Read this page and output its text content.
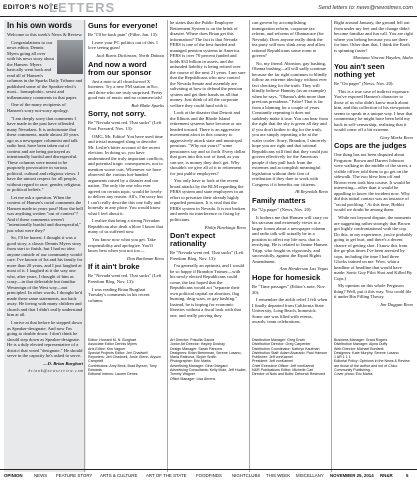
EDITOR'S NOTE
LETTERS	Send letters to: news@newstimes.com
In his own words

Welcome to this week's News & Review.

Congratulations to our news editor, Dennis Myers going all over with his news story about the Hansen. Myers basically went back and read all of Hansen's columns in the Sparks Daily Tribune and published some of the Speaker-elect's most... homophobic, sexist and inflammatory comments in that paper.

One of the many recipients of Hansen's sorry not-sorry apology.

"I am deeply sorry that comments I have made in the past have offended many Nevadans. It is unfortunate that these comments, made almost 20 years ago as a newspaper columnist and talk radio host, have been taken out of context and are being portrayed as intentionally hurtful and disrespectful. These columns were meant to be purposely provocative in various political, cultural and religious views. I have the utmost respect for all people, without regard to race, gender, religious or political beliefs."

Let me ask a question. When the context of Hansen's racial comments the Hansen made in years past? How the hell was anything written "out of context"? And if these comments weren't "intentionally hurtful and disrespectful," just what were they?

So, I'll be honest. I thought it was a good story, a classic Dennis Myers story from start to finish, but I had no idea anyone outside of our community would care. I've known of Ira and his family for more than 20 years, and I just laughed at most of it. I laughed at it the way one who, after years, I thought of him as crazy—in that delectable but familiar Westeoign of the West way—not principled. In other words, I thought he'd made these same statements, not back away. He loving with many children and church and that I didn't really understand him at all.

I arrive at that before he stepped down as Speaker-designate. And now I'm going to double down. I don't think he should step down as Speaker-designate. He is a duly elected representative of a district that voted "designate." He should serve in the capacity he's asked to serve.

—D. Brian Burghart

b r i a n b @ n e w s r e v i e w . c o m

Guns for everyone!

Re "I'll be back pain" (Filler, Jan. 13):

Leave your PC politics out of this. I love seeing guns!

Jack Burns Dickinson, North Dakota

And now a word from our sponsor

Just a note to all churchwood X listeners: Try a new FM station in 8cc, and those who are truly surprised. Pretty good mix of music and no commercials!

Bob Blake Sparks

Sorry, not sorry.

Re "Nevada went red. That sucks" (Left Foot Forward, Nov. 13):

OMG, Mr. Editor! You have used time and trivial managed slang to describe Mr. Leslie's bitter account of the recent election. In doing so, you have undermined the truly important conflicts, and potential tragic consequences, not to mention worse cuts, Whenever we have observed the various hot-handed arguments raised by a disaster and our nation. The only the one who ever agreed on certain topic, would be lovely to deliver any reason. All's. I'm sorry but I can't really describe this one fully and honestly in any place. You would know what I feel about it.

I realize that being a strong Nevadan Republican also dealt a blow I know that many of us suffered now.

You know now what you get. Take responsibility and apologize. You'll know best when you not too—

Don Bachman Reno

If it ain't broke

Re "Nevada went red. That sucks" (Left Freedom Blog, Nov. 13):

I was reading Brian Burghart Tuesday's comments in his recent column,

he states that the Public Employee Retirement System is on the brink of disaster. Where does Brian get this information? The fact is that Nevada PERS is one of the best funded and managed pension systems in America. PERS is over 70 percent funded and holds $33 billion in assets, and the unfunded liability is being retired over the course of the next 21 years. I am sure that the Republicans who now control the Nevada Senate and assembly are salivating at how to defund the pension system and get their hands on all that money. Just think of all the corporate welfare they could fund with it.

Look at the disaster that Detroit and the Illinois and the Rhode Island retirement systems have become or are headed toward. There is an aggressive movement afoot in this country to aggressively attack state and municipal pensions. "Why not yours?" some pensioners say and so forth. Every dollar that goes into this sort of fund, as you can see, is money they don't get. Why shouldn't we give all of it to retirement for just public employees?

You only have to look at the recent broad attacks by the BLM regarding the PERS system and state employees in an effort to privatize their already highly regarded pensions. It is vital that the PERS system in Nevada. It is not broken and needs no interference or fixing by politicians.

Philip Hawkings Reno

Don't expect rationality

Re "Nevada went red. That sucks" (Left Freedom Blog, Nov. 13):

I'm generally an optimist, and I would be so happy if Brandon Trumer—with his newly elected Republicans could come, the last hoped that the Republicans would act "separate their own political capital on abortion, flag burning, drug wars, or gay bashing." Instead, he is hoping for economic liberties without a fiscal look with that one, and really proving they

can govern by accomplishing immigration reform, corporate tax reform, and reforms of Obamacare (for Nevada). Does anyone really think the tea party will now slink away and allow rational Republicans some room to govern?

No, my friend. Abortion, gay bashing, Obama bashing—all will sadly continue because the far right continues to blindly follow an extreme ideology without ever fact checking for the truth. They will blindly believe Hannity (as an example) when he says, "Obama's debt more than previous presidents." False! That is far from a blaming for a couple of years. Constantly repeating it does not suddenly make it true. You can hear from the right that the sky is green all day and if you don't bother to dig for the truth, you are simply repeating a lie at the water cooler. Sorry, Brandon, I sincerely hope you are right and that rational Republicans will find that they could just govern effectively for the American people if they pull back from the extremes and accomplish meaningful legislation without their fear of retribution if they dare to work with Congress if it benefits our citizens.

JB Reynolds Reno

Family matters

Re "Up pager" (News, Nov. 20):

It bothers me that Hansen will carry on his sarcasm and extremely views to a larger forum about a newspaper column and radio talk will actually be in a position to affect my life now, that is terrifying. He is related to Janine Hansen Tripp, who fought us vigorously, and successfully, against the Equal Rights Amendment.

Ann Henderson Las Vegas

Hope for homesick

Re "Time passages" (Editor's note, Nov. 20):

I remember the airlift relief I felt when I finally departed from California State University, Long Beach, homesick. Some one was filled with events, awards, team celebrations.

Right around January, the ground fell out from under my feet and the change didn't become familiar and fun call. You are right where you belong because you are there for him. Other than that, I think the Earth is spinning faster!

Montana Vincent Hayden, Idaho

You ain't seen nothing yet

Re "On pager" (News, Nov. 20):

This is a true case of indirect exposure. You've exposed Hansen's character to those of us who didn't know much about him, and this collection of his viewpoints seems to speak in a unique way. I hear that commentary he might have been held my back in self-censorship, realizing that it would come off a bit extreme.

Gary Marks Reno

Cops are the judges

One thing has not been disputed about Ferguson: Brown and Darren Johnson were walking in the middle of the street, a visible officer told them to go get on the sidewalk. The two blew him off and Brown even took him course. It would be interesting—other than it would be appalling to know the incident now. Why did this initial contact was an instance of "racial profiling." At this time, Hobbit would we doubt be among them.

While not beyond dispute, the moments are suggesting rather strongly that Brown got highly confrontational with the cop. Do this, in my experience, you're probably going to get hurt, and there's a decent chance of getting shot. I know this from the go-plus times I've been arrested by cops, including the time I had three Glocks trained on me. Wow, what a headline of headline that would have made: Sonic Guy Pilot Shot and Killed By Cops.)

My opinion on this whole Ferguson thing? Well, put it this way. You could file it under Bin Filling Theory.

Jim Duggan Reno

Editor: Howard M. N. Burghart
Associate Editor Dennis Myers
Arts Editor: Kris Vagner
Special Projects Editor: Jeri Chadwell
Reporters: Jeri Chadwell, Josie Glenn, Alyson Campbell
Contributors: Amy Beck, Brad Bynum, Tony Edwards
Editorial Interns: Lauren Denes
Art Director: Priscilla Garcia
Junior Art Director: Hayley Doshay
Design Manager: Sarah Parsons
Designers: Brian Breneman, Serene Lusano, Maria Ratinova, Skyler Smith
Photographer: Eric Marks
Advertising Manager: Gina Odegard
Advertising Consultants: Kelly Mole, Jeff Hudler, Tommy Wagner
Office Manager: Lisa Ahrens
Distribution Manager: Greg Erwin
Distribution Director: Greg Carpenter
Distribution Coordinator: Kathryn Kaufman
Distribution Staff: Adam Alvarado, Paul Hanson
Publisher: Jeff vonKaenel
President: Jeff vonKaenel
Chief Executive Officer: Jeff vonKaenel
N&R Publications Editor: Michelle Carl
Director of Nuts and Bolts: Deborah Redmond
Business Manager: Grant Rogers
Distribution Manager: Alyna Duffy
Web Director: Michael Bonfanti
Designers: Kate Murphy, Serene Lusano
1 AR 1 1 1
Editorial Policy: Opinions in the News & Review are those of the author and not of Chico Community Publishing.
Cover photo: Eric Marks
OPINION	NEWS FEATURE STORY ARTS & CULTURE ART OF THE STATE FOODFINDS NIGHTCLUBS THIS WEEK MISCELLANY NOVEMBER 25, 2014 RN&R	5
